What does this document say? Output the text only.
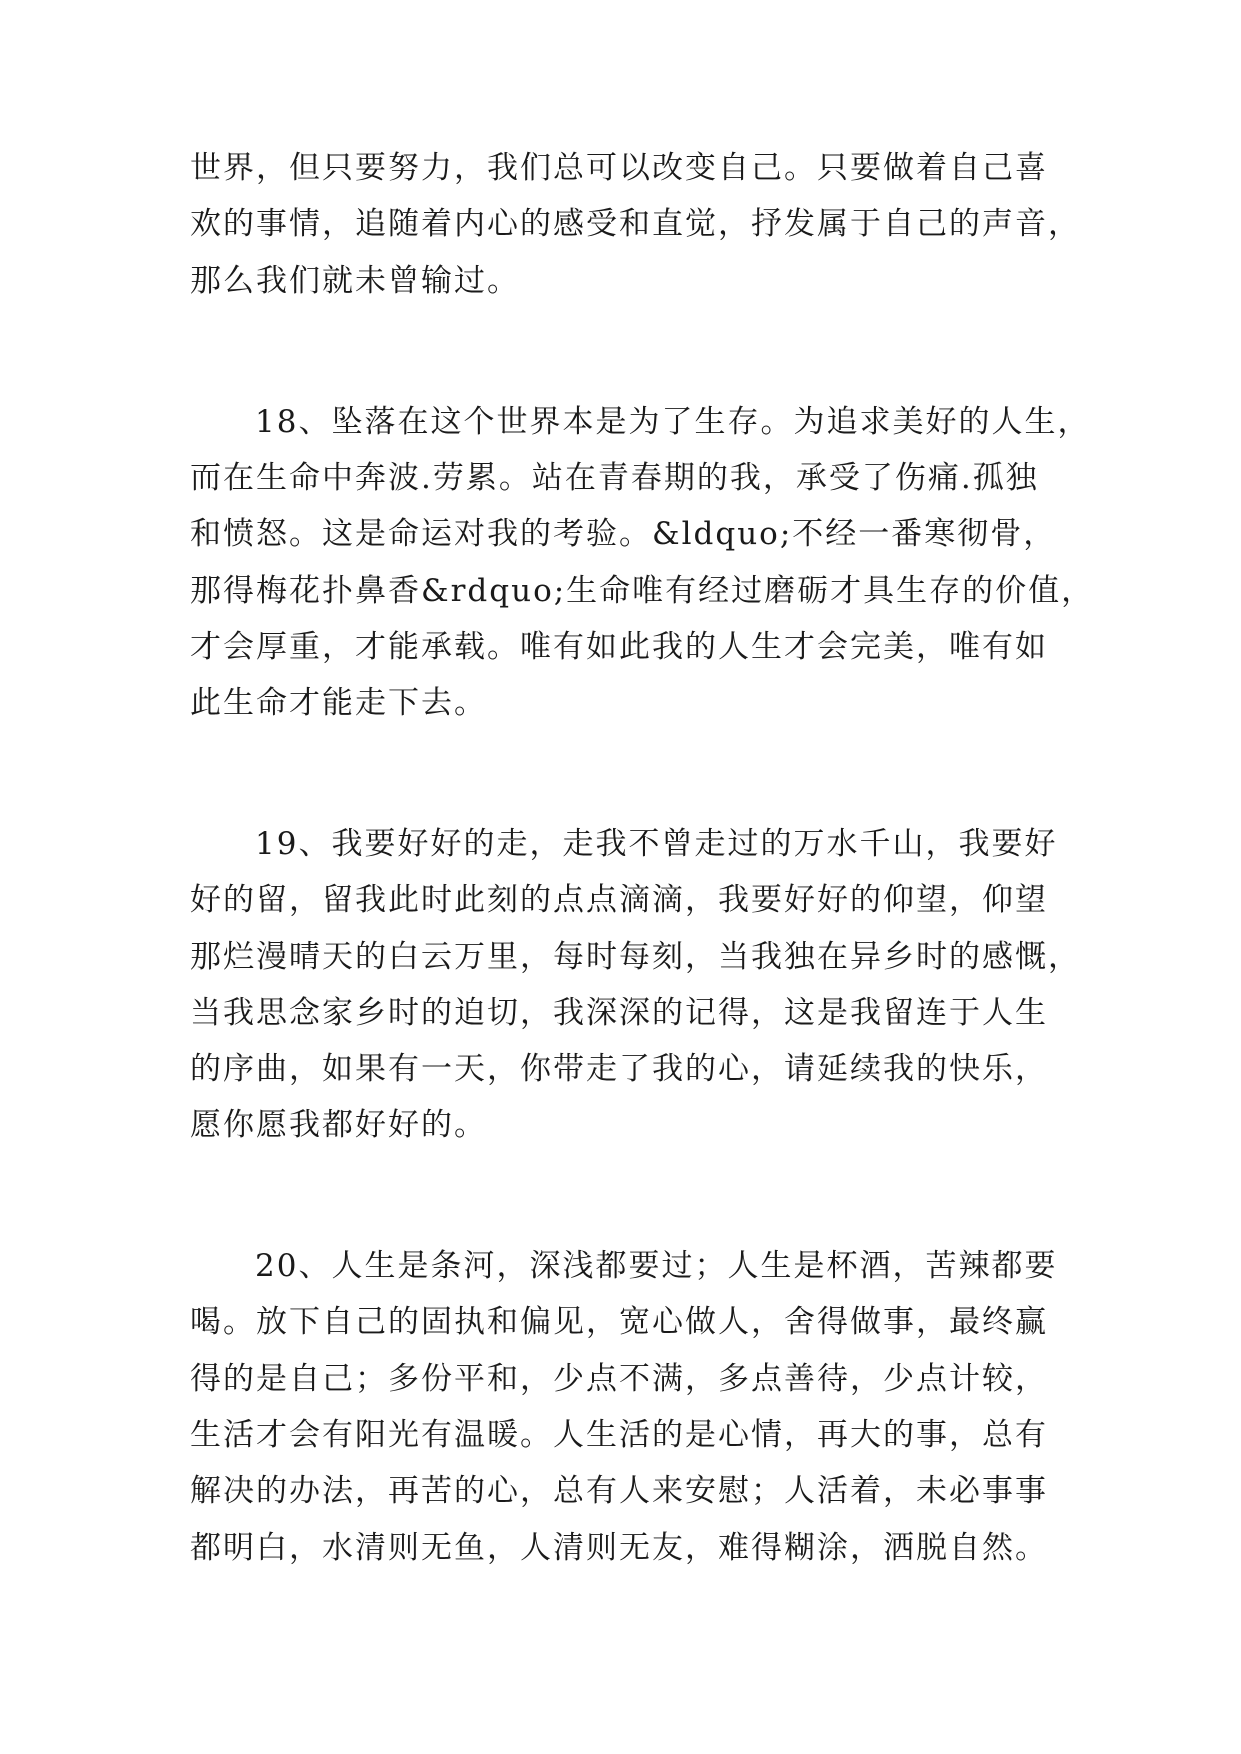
世界，但只要努力，我们总可以改变自己。只要做着自己喜
欢的事情，追随着内心的感受和直觉，抒发属于自己的声音，
那么我们就未曾输过。
18、坠落在这个世界本是为了生存。为追求美好的人生，
而在生命中奔波.劳累。站在青春期的我，承受了伤痛.孤独
和愤怒。这是命运对我的考验。&ldquo;不经一番寒彻骨，
那得梅花扑鼻香&rdquo;生命唯有经过磨砺才具生存的价值，
才会厚重，才能承载。唯有如此我的人生才会完美，唯有如
此生命才能走下去。
19、我要好好的走，走我不曾走过的万水千山，我要好
好的留，留我此时此刻的点点滴滴，我要好好的仰望，仰望
那烂漫晴天的白云万里，每时每刻，当我独在异乡时的感慨，
当我思念家乡时的迫切，我深深的记得，这是我留连于人生
的序曲，如果有一天，你带走了我的心，请延续我的快乐，
愿你愿我都好好的。
20、人生是条河，深浅都要过；人生是杯酒，苦辣都要
喝。放下自己的固执和偏见，宽心做人，舍得做事，最终赢
得的是自己；多份平和，少点不满，多点善待，少点计较，
生活才会有阳光有温暖。人生活的是心情，再大的事，总有
解决的办法，再苦的心，总有人来安慰；人活着，未必事事
都明白，水清则无鱼，人清则无友，难得糊涂，洒脱自然。
